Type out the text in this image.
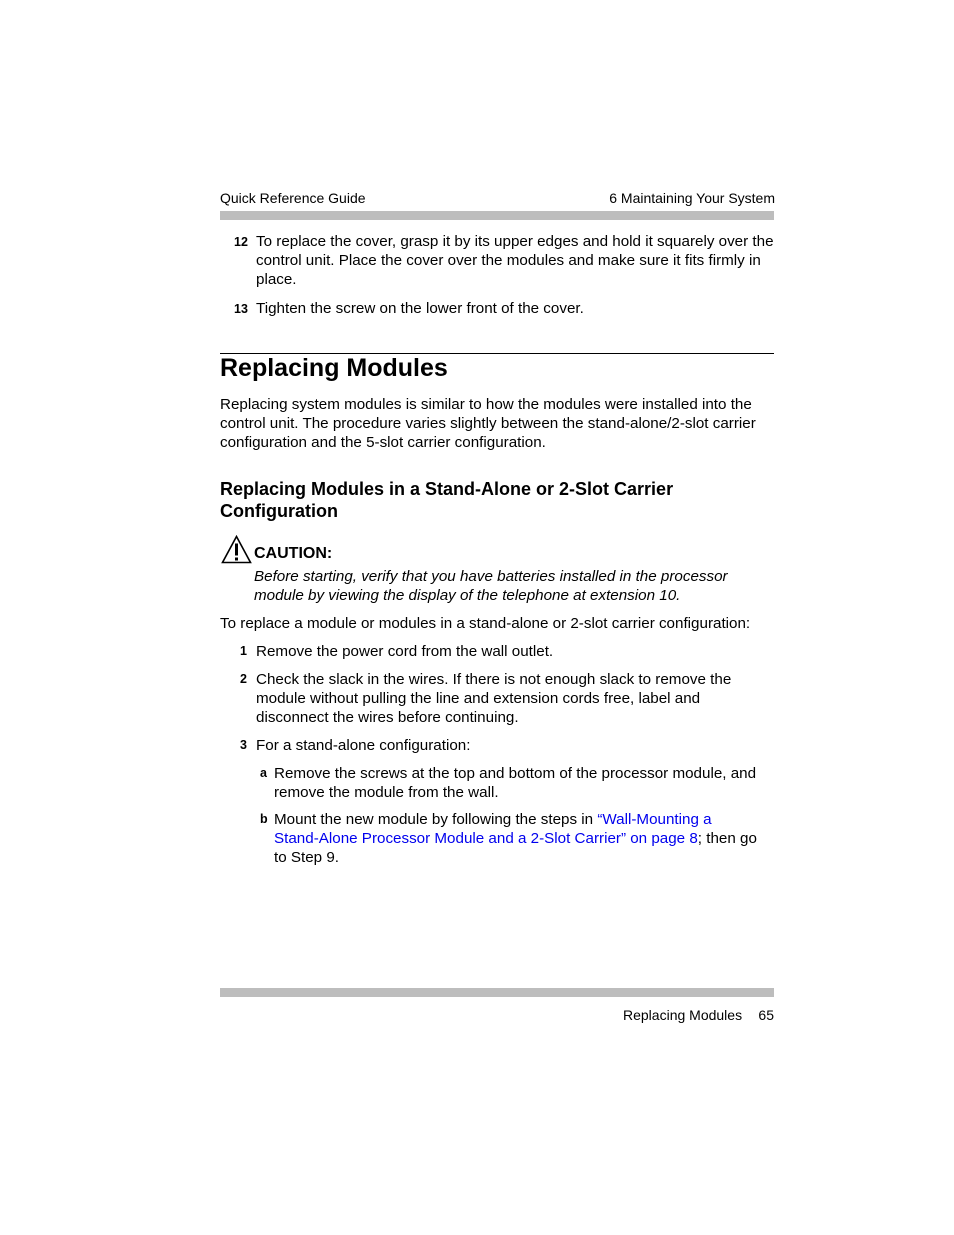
Quick Reference Guide	6 Maintaining Your System
12 To replace the cover, grasp it by its upper edges and hold it squarely over the control unit. Place the cover over the modules and make sure it fits firmly in place.
13 Tighten the screw on the lower front of the cover.
Replacing Modules
Replacing system modules is similar to how the modules were installed into the control unit. The procedure varies slightly between the stand-alone/2-slot carrier configuration and the 5-slot carrier configuration.
Replacing Modules in a Stand-Alone or 2-Slot Carrier
Configuration
CAUTION:
Before starting, verify that you have batteries installed in the processor module by viewing the display of the telephone at extension 10.
To replace a module or modules in a stand-alone or 2-slot carrier configuration:
1 Remove the power cord from the wall outlet.
2 Check the slack in the wires. If there is not enough slack to remove the module without pulling the line and extension cords free, label and disconnect the wires before continuing.
3 For a stand-alone configuration:
a Remove the screws at the top and bottom of the processor module, and remove the module from the wall.
b Mount the new module by following the steps in “Wall-Mounting a
Stand-Alone Processor Module and a 2-Slot Carrier” on page 8; then go
to Step 9.
Replacing Modules 65
